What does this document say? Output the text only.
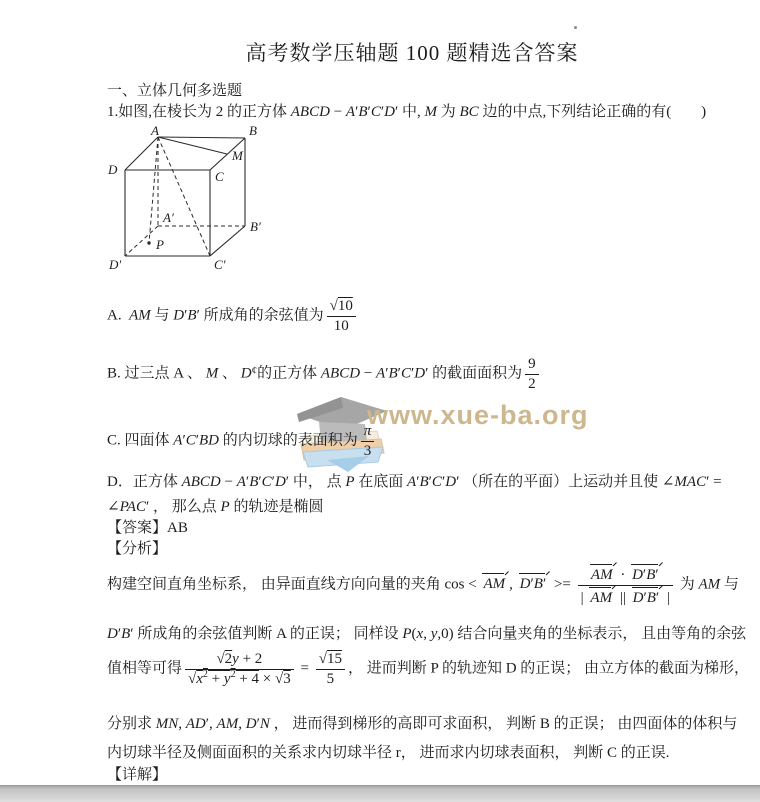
高考数学压轴题 100 题精选含答案
一、立体几何多选题
1.如图,在棱长为 2 的正方体 ABCD − A′B′C′D′ 中, M 为 BC 边的中点,下列结论正确的有(　　)
A	B
C
D
M
A′
B′
C′
D′
P
A.  AM 与 D′B′ 所成角的余弦值为 $\frac{√10}{10}$
B. 过三点 A 、 M 、 D¢的正方体 ABCD − A′B′C′D′ 的截面面积为 $\frac{9}{2}$
C. 四面体 A′C′BD 的内切球的表面积为 $\frac{\pi}{3}$
D．正方体 ABCD − A′B′C′D′ 中， 点 P 在底面 A′B′C′D′ （所在的平面）上运动并且使 ∠MAC′ = ∠PAC′ ， 那么点 P 的轨迹是椭圆
【答案】AB
【分析】
构建空间直角坐标系， 由异面直线方向向量的夹角 cos < AM , $D'B' >= \frac{AM \cdot D'B'}{| AM || D'B' |}$ 为 AM 与
D′B′ 所成角的余弦值判断 A 的正误； 同样设 P(x, y,0) 结合向量夹角的坐标表示， 且由等角的余弦
值相等可得 $\frac{√2y + 2}{√x^2 + y^2 + 4 \times √3} = \frac{√15}{5}$ ， 进而判断 P 的轨迹知 D 的正误； 由立方体的截面为梯形，
分别求 MN, AD′, AM, D′N ， 进而得到梯形的高即可求面积， 判断 B 的正误； 由四面体的体积与
内切球半径及侧面面积的关系求内切球半径 r， 进而求内切球表面积， 判断 C 的正误.
【详解】
www.xue-ba.org
